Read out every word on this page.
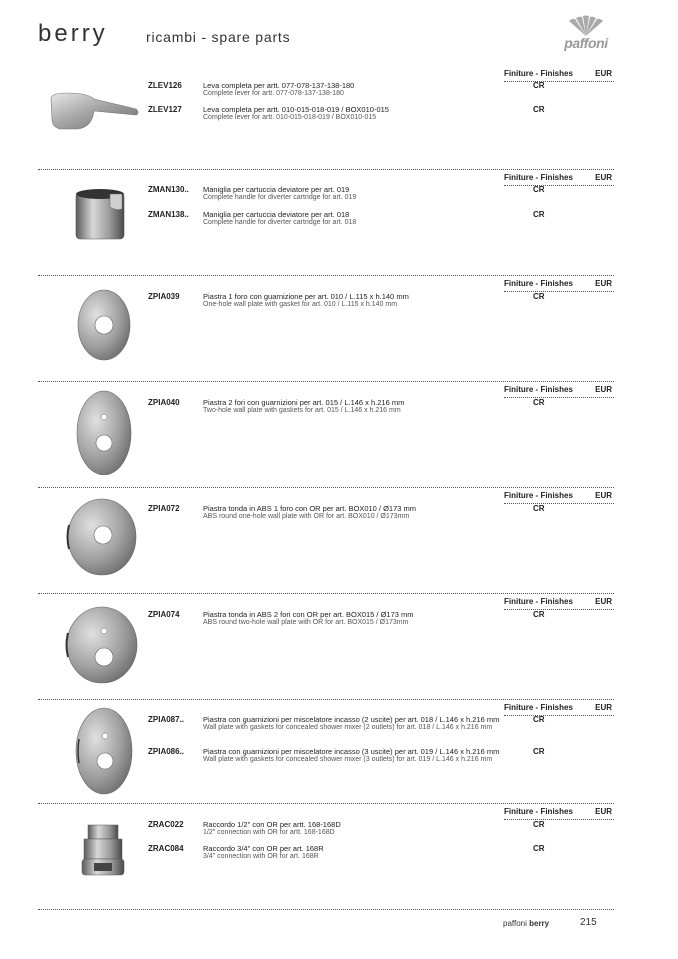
berry	ricambi - spare parts	paffoni
Finiture - Finishes	EUR
ZLEV126	Leva completa per artt. 077-078-137-138-180
Complete lever for artt. 077-078-137-138-180
CR
ZLEV127	Leva completa per artt. 010-015-018-019 / BOX010-015
Complete lever for artt. 010-015-018-019 / BOX010-015
CR
Finiture - Finishes	EUR
ZMAN130.. Maniglia per cartuccia deviatore per art. 019
Complete handle for diverter cartridge for art. 019
CR
ZMAN138.. Maniglia per cartuccia deviatore per art. 018
Complete handle for diverter cartridge for art. 018
CR
Finiture - Finishes	EUR
ZPIA039	Piastra 1 foro con guarnizione per art. 010 / L.115 x h.140 mm
One-hole wall plate with gasket for art. 010 / L.115 x h.140 mm
CR
Finiture - Finishes	EUR
ZPIA040	Piastra 2 fori con guarnizioni per art. 015 / L.146 x h.216 mm
Two-hole wall plate with gaskets for art. 015 / L.146 x h.216 mm
CR
Finiture - Finishes	EUR
ZPIA072	Piastra tonda in ABS 1 foro con OR per art. BOX010 / Ø173 mm
ABS round one-hole wall plate with OR for art. BOX010 / Ø173mm
CR
Finiture - Finishes	EUR
ZPIA074	Piastra tonda in ABS 2 fori con OR per art. BOX015 / Ø173 mm
ABS round two-hole wall plate with OR for art. BOX015 / Ø173mm
CR
Finiture - Finishes	EUR
ZPIA087..	Piastra con guarnizioni per miscelatore incasso (2 uscite) per art. 018 / L.146 x h.216 mm
Wall plate with gaskets for concealed shower mixer (2 outlets) for art. 018 / L.146 x h.216 mm
CR
ZPIA086..	Piastra con guarnizioni per miscelatore incasso (3 uscite) per art. 019 / L.146 x h.216 mm
Wall plate with gaskets for concealed shower mixer (3 outlets) for art. 019 / L.146 x h.216 mm
CR
Finiture - Finishes	EUR
ZRAC022	Raccordo 1/2" con OR per artt. 168-168D
1/2" connection with OR for artt. 168-168D
CR
ZRAC084	Raccordo 3/4" con OR per art. 168R
3/4" connection with OR for art. 168R
CR
paffoni berry	215
